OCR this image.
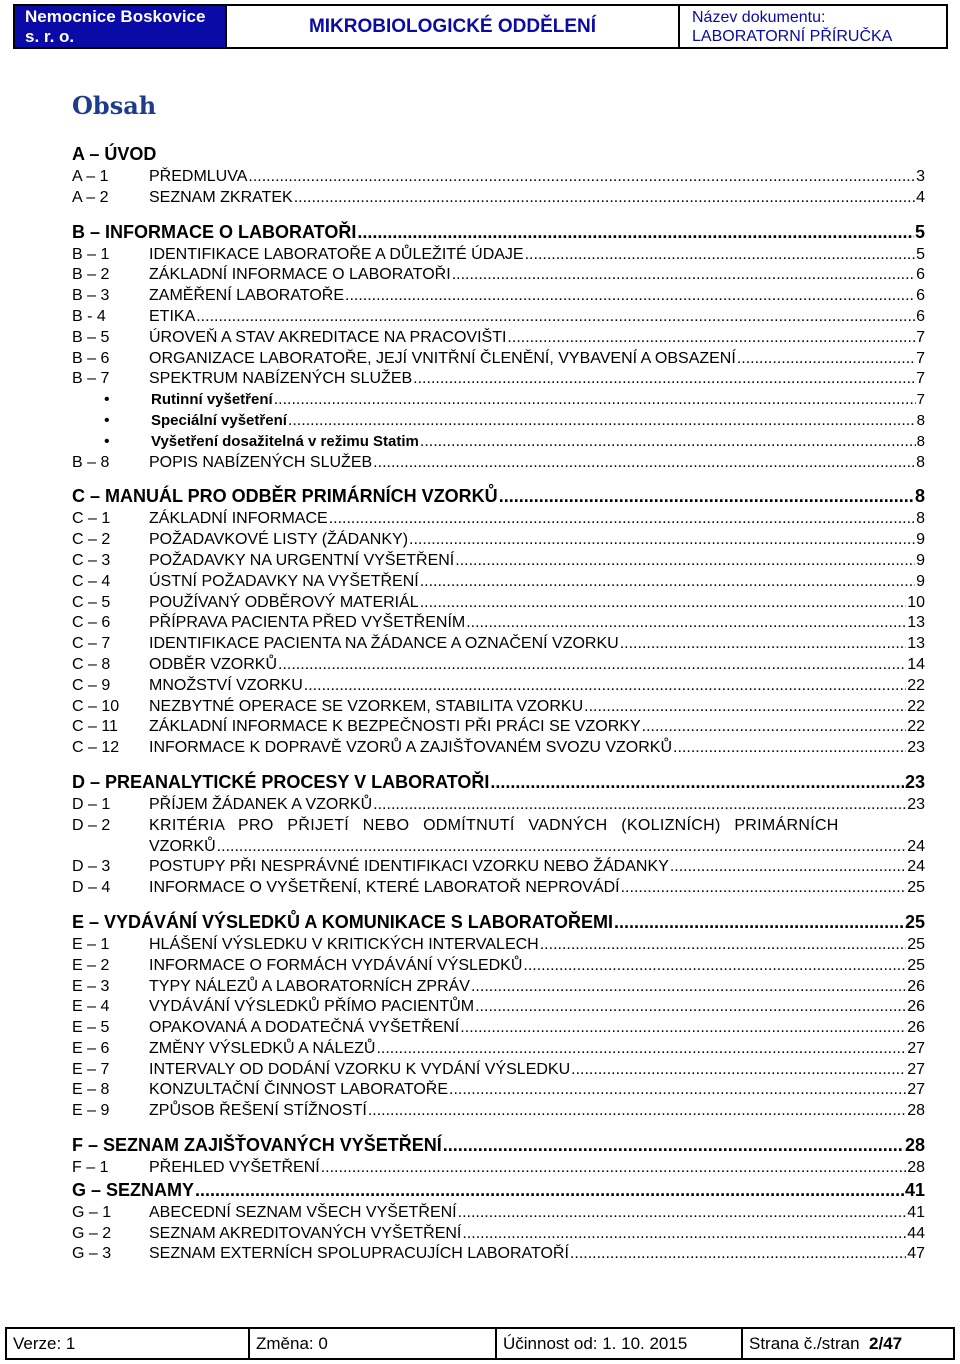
Nemocnice Boskovice
s. r. o.	MIKROBIOLOGICKÉ ODDĚLENÍ	Název dokumentu:
LABORATORNÍ PŘÍRUČKA
Obsah
A – ÚVOD
A – 1	PŘEDMLUVA .....	3
A – 2	SEZNAM ZKRATEK .....	4
B – INFORMACE O LABORATOŘI .....	5
B – 1	IDENTIFIKACE LABORATOŘE A DŮLEŽITÉ ÚDAJE .....	5
B – 2	ZÁKLADNÍ INFORMACE O LABORATOŘI .....	6
B – 3	ZAMĚŘENÍ LABORATOŘE .....	6
B - 4	ETIKA .....	6
B – 5	ÚROVEŇ A STAV AKREDITACE NA PRACOVIŠTI .....	7
B – 6	ORGANIZACE LABORATOŘE, JEJÍ VNITŘNÍ ČLENĚNÍ, VYBAVENÍ A OBSAZENÍ .....	7
B – 7	SPEKTRUM NABÍZENÝCH SLUŽEB .....	7
•	Rutinní vyšetření .....	7
•	Speciální vyšetření .....	8
•	Vyšetření dosažitelná v režimu Statim .....	8
B – 8	POPIS NABÍZENÝCH SLUŽEB .....	8
C – MANUÁL PRO ODBĚR PRIMÁRNÍCH VZORKŮ .....	8
C – 1	ZÁKLADNÍ INFORMACE .....	8
C – 2	POŽADAVKOVÉ LISTY (ŽÁDANKY) .....	9
C – 3	POŽADAVKY NA URGENTNÍ VYŠETŘENÍ .....	9
C – 4	ÚSTNÍ POŽADAVKY NA VYŠETŘENÍ .....	9
C – 5	POUŽÍVANÝ ODBĚROVÝ MATERIÁL .....	10
C – 6	PŘÍPRAVA PACIENTA PŘED VYŠETŘENÍM .....	13
C – 7	IDENTIFIKACE PACIENTA NA ŽÁDANCE A OZNAČENÍ VZORKU .....	13
C – 8	ODBĚR VZORKŮ .....	14
C – 9	MNOŽSTVÍ VZORKU .....	22
C – 10	NEZBYTNÉ OPERACE SE VZORKEM, STABILITA VZORKU .....	22
C – 11	ZÁKLADNÍ INFORMACE K BEZPEČNOSTI PŘI PRÁCI SE VZORKY .....	22
C – 12	INFORMACE K DOPRAVĚ VZORŮ A ZAJIŠŤOVANÉM SVOZU VZORKŮ .....	23
D – PREANALYTICKÉ PROCESY V LABORATOŘI .....	23
D – 1	PŘÍJEM ŽÁDANEK A VZORKŮ .....	23
D – 2	KRITÉRIA PRO PŘIJETÍ NEBO ODMÍTNUTÍ VADNÝCH (KOLIZNÍCH) PRIMÁRNÍCH
VZORKŮ .....	24
D – 3	POSTUPY PŘI NESPRÁVNÉ IDENTIFIKACI VZORKU NEBO ŽÁDANKY .....	24
D – 4	INFORMACE O VYŠETŘENÍ, KTERÉ LABORATOŘ NEPROVÁDÍ .....	25
E – VYDÁVÁNÍ VÝSLEDKŮ A KOMUNIKACE S LABORATOŘEMI .....	25
E – 1	HLÁŠENÍ VÝSLEDKU V KRITICKÝCH INTERVALECH .....	25
E – 2	INFORMACE O FORMÁCH VYDÁVÁNÍ VÝSLEDKŮ .....	25
E – 3	TYPY NÁLEZŮ A LABORATORNÍCH ZPRÁV .....	26
E – 4	VYDÁVÁNÍ VÝSLEDKŮ PŘÍMO PACIENTŮM .....	26
E – 5	OPAKOVANÁ A DODATEČNÁ VYŠETŘENÍ .....	26
E – 6	ZMĚNY VÝSLEDKŮ A NÁLEZŮ .....	27
E – 7	INTERVALY OD DODÁNÍ VZORKU K VYDÁNÍ VÝSLEDKU .....	27
E – 8	KONZULTAČNÍ ČINNOST LABORATOŘE .....	27
E – 9	ZPŮSOB ŘEŠENÍ STÍŽNOSTÍ .....	28
F – SEZNAM ZAJIŠŤOVANÝCH VYŠETŘENÍ .....	28
F – 1	PŘEHLED VYŠETŘENÍ .....	28
G – SEZNAMY .....	41
G – 1	ABECEDNÍ SEZNAM VŠECH VYŠETŘENÍ .....	41
G – 2	SEZNAM AKREDITOVANÝCH VYŠETŘENÍ .....	44
G – 3	SEZNAM EXTERNÍCH SPOLUPRACUJÍCH LABORATOŘÍ .....	47
Verze: 1	Změna: 0	Účinnost od: 1. 10. 2015	Strana č./stran
2/47
